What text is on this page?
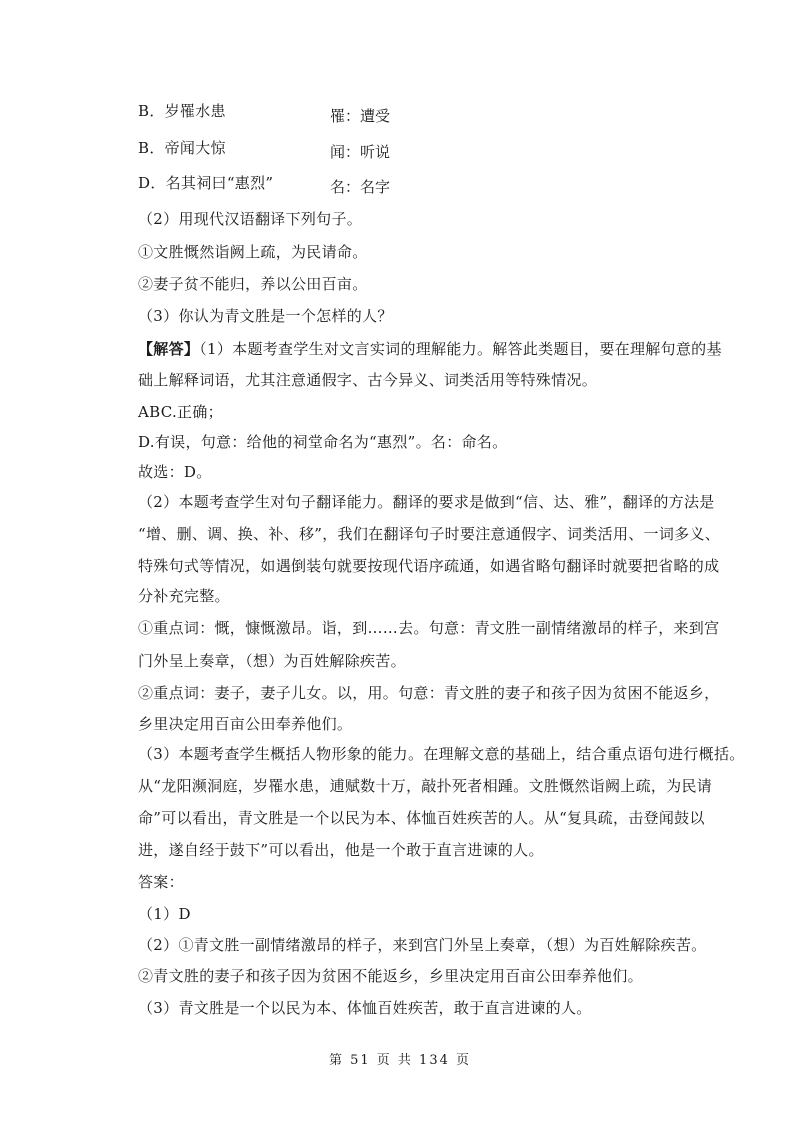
B．岁罹水患	罹：遭受
B．帝闻大惊	闻：听说
D．名其祠曰“惠烈”	名：名字
（2）用现代汉语翻译下列句子。
①文胜慨然诣阙上疏，为民请命。
②妻子贫不能归，养以公田百亩。
（3）你认为青文胜是一个怎样的人？
【解答】（1）本题考查学生对文言实词的理解能力。解答此类题目，要在理解句意的基
础上解释词语，尤其注意通假字、古今异义、词类活用等特殊情况。
ABC.正确；
D.有误，句意：给他的祠堂命名为“惠烈”。名：命名。
故选：D。
（2）本题考查学生对句子翻译能力。翻译的要求是做到“信、达、雅”，翻译的方法是
“增、删、调、换、补、移”，我们在翻译句子时要注意通假字、词类活用、一词多义、
特殊句式等情况，如遇倒装句就要按现代语序疏通，如遇省略句翻译时就要把省略的成
分补充完整。
①重点词：慨，慷慨激昂。诣，到……去。句意：青文胜一副情绪激昂的样子，来到宫
门外呈上奏章，（想）为百姓解除疾苦。
②重点词：妻子，妻子儿女。以，用。句意：青文胜的妻子和孩子因为贫困不能返乡，
乡里决定用百亩公田奉养他们。
（3）本题考查学生概括人物形象的能力。在理解文意的基础上，结合重点语句进行概括。
从“龙阳濒洞庭，岁罹水患，逋赋数十万，敲扑死者相踵。文胜慨然诣阙上疏，为民请
命”可以看出，青文胜是一个以民为本、体恤百姓疾苦的人。从“复具疏，击登闻鼓以
进，遂自经于鼓下”可以看出，他是一个敢于直言进谏的人。
答案：
（1）D
（2）①青文胜一副情绪激昂的样子，来到宫门外呈上奏章，（想）为百姓解除疾苦。
②青文胜的妻子和孩子因为贫困不能返乡，乡里决定用百亩公田奉养他们。
（3）青文胜是一个以民为本、体恤百姓疾苦，敢于直言进谏的人。
第 51 页 共 134 页
